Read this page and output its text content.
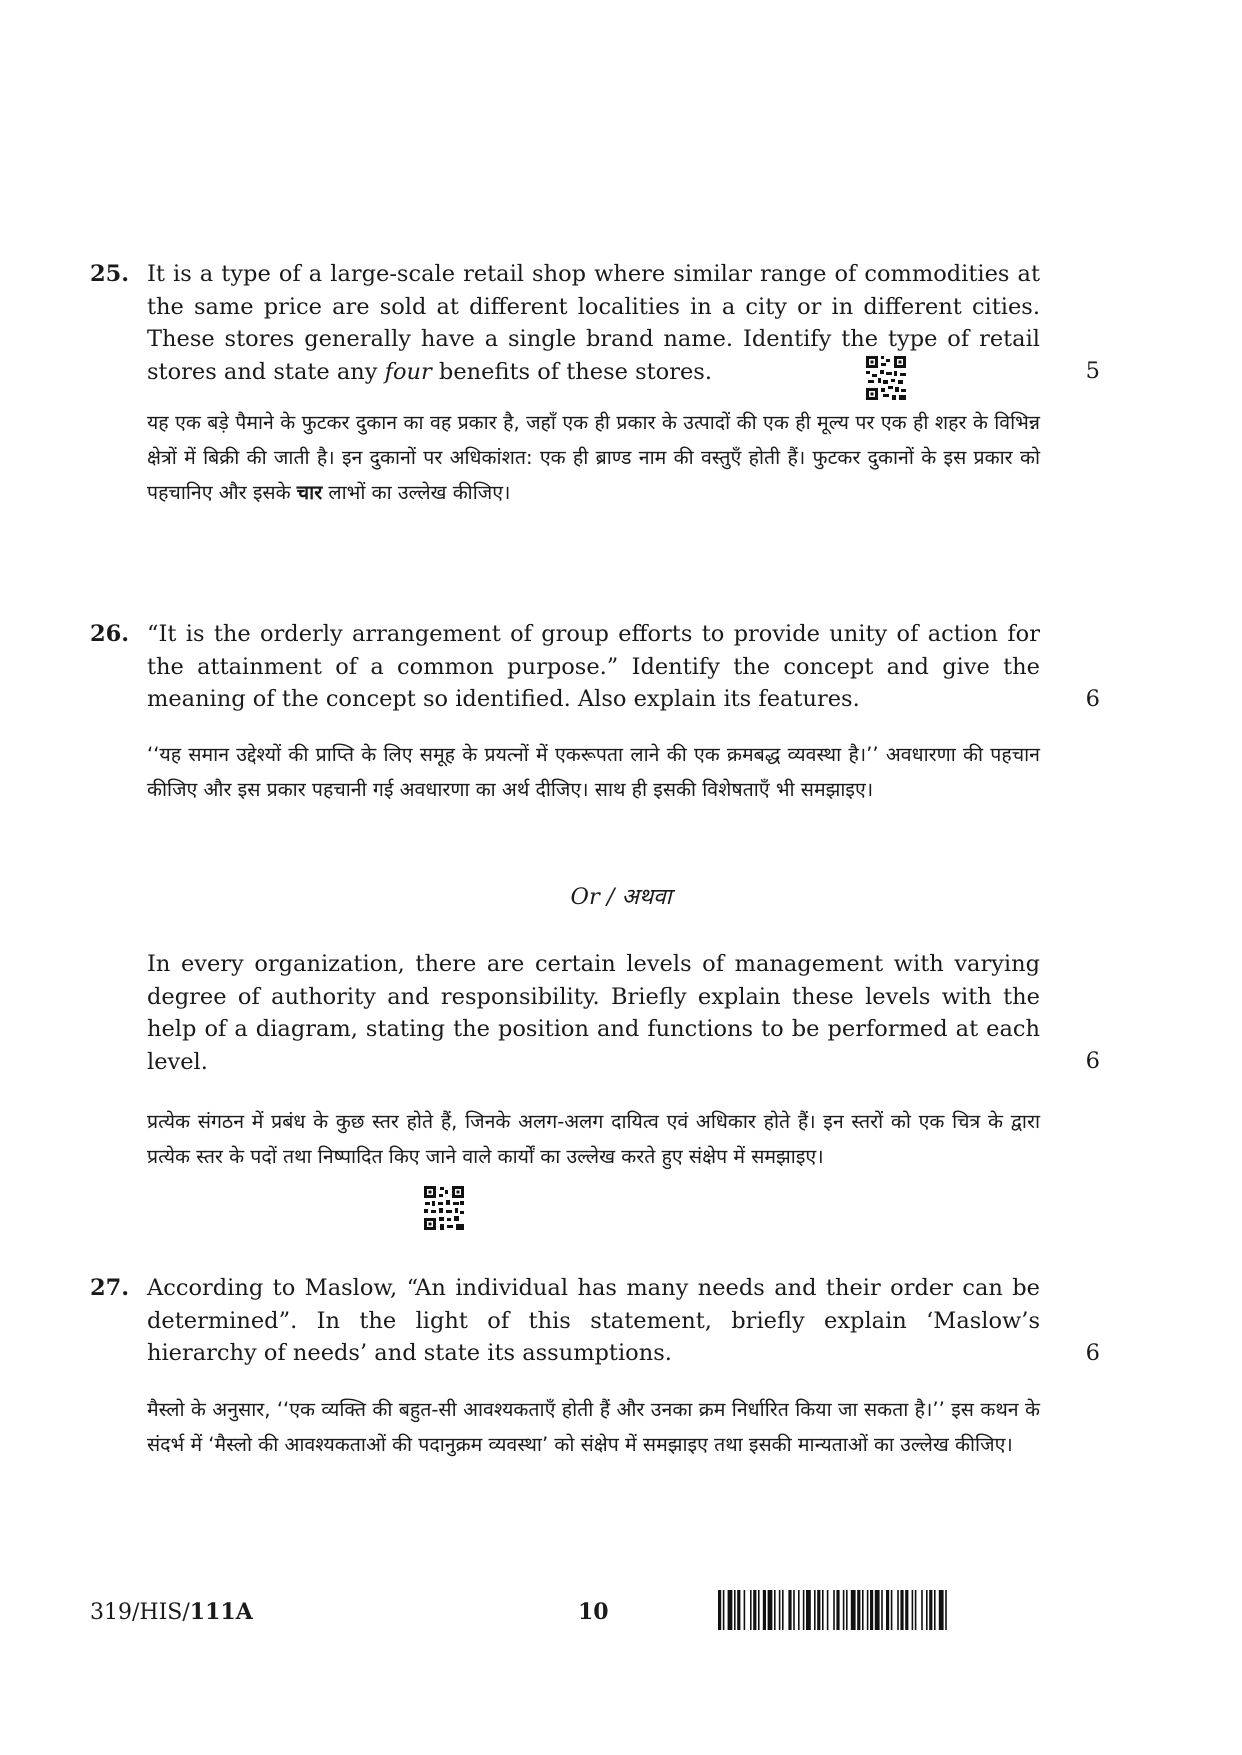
25. It is a type of a large-scale retail shop where similar range of commodities at
the same price are sold at different localities in a city or in different cities.
These stores generally have a single brand name. Identify the type of retail
stores and state any four benefits of these stores.	5
यह एक बड़े पैमाने के फुटकर दुकान का वह प्रकार है, जहाँ एक ही प्रकार के उत्पादों की एक ही मूल्य पर एक ही शहर के विभिन्न क्षेत्रों में बिक्री की जाती है। इन दुकानों पर अधिकांशत: एक ही ब्राण्ड नाम की वस्तुएँ होती हैं। फुटकर दुकानों के इस प्रकार को पहचानिए और इसके चार लाभों का उल्लेख कीजिए।
26. “It is the orderly arrangement of group efforts to provide unity of action for the attainment of a common purpose.” Identify the concept and give the meaning of the concept so identified. Also explain its features.	6
‘‘यह समान उद्देश्यों की प्राप्ति के लिए समूह के प्रयत्नों में एकरूपता लाने की एक क्रमबद्ध व्यवस्था है।’’ अवधारणा की पहचान कीजिए और इस प्रकार पहचानी गई अवधारणा का अर्थ दीजिए। साथ ही इसकी विशेषताएँ भी समझाइए।
Or / अथवा
In every organization, there are certain levels of management with varying degree of authority and responsibility. Briefly explain these levels with the help of a diagram, stating the position and functions to be performed at each level.	6
प्रत्येक संगठन में प्रबंध के कुछ स्तर होते हैं, जिनके अलग-अलग दायित्व एवं अधिकार होते हैं। इन स्तरों को एक चित्र के द्वारा प्रत्येक स्तर के पदों तथा निष्पादित किए जाने वाले कार्यों का उल्लेख करते हुए संक्षेप में समझाइए।
27. According to Maslow, “An individual has many needs and their order can be determined”. In the light of this statement, briefly explain ‘Maslow’s hierarchy of needs’ and state its assumptions.	6
मैस्लो के अनुसार, ‘‘एक व्यक्ति की बहुत-सी आवश्यकताएँ होती हैं और उनका क्रम निर्धारित किया जा सकता है।’’ इस कथन के संदर्भ में ‘मैस्लो की आवश्यकताओं की पदानुक्रम व्यवस्था’ को संक्षेप में समझाइए तथा इसकी मान्यताओं का उल्लेख कीजिए।
319/HIS/111A	10
